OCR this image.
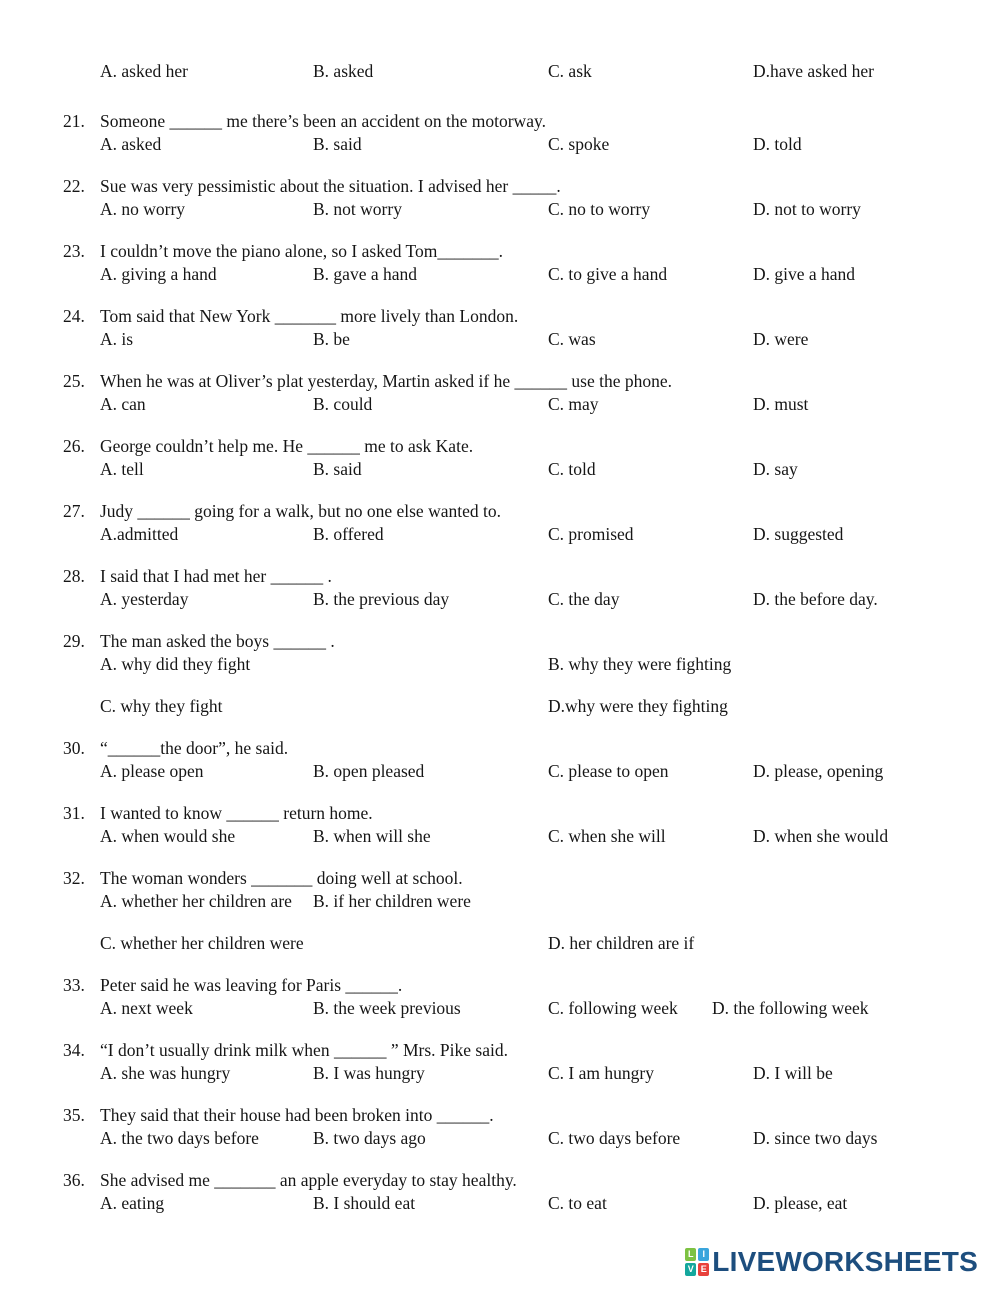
A. asked her	B. asked	C. ask	D.have asked her
21. Someone ______ me there’s been an accident on the motorway.
A. asked	B. said	C. spoke	D. told
22. Sue was very pessimistic about the situation. I advised her _____.
A. no worry	B. not worry	C. no to worry	D. not to worry
23. I couldn’t move the piano alone, so I asked Tom_______.
A. giving a hand	B. gave a hand	C. to give a hand	D. give a hand
24. Tom said that New York _______ more lively than London.
A. is	B. be	C. was	D. were
25. When he was at Oliver’s plat yesterday, Martin asked if he ______ use the phone.
A. can	B. could	C. may	D. must
26. George couldn’t help me. He ______ me to ask Kate.
A. tell	B. said	C. told	D. say
27. Judy ______ going for a walk, but no one else wanted to.
A.admitted	B. offered	C. promised	D. suggested
28. I said that I had met her ______ .
A. yesterday	B. the previous day	C. the day	D. the before day.
29. The man asked the boys ______ .
A. why did they fight	B. why they were fighting
C. why they fight	D.why were they fighting
30. “______the door”, he said.
A. please open	B. open pleased	C. please to open	D. please, opening
31. I wanted to know ______ return home.
A. when would she	B. when will she	C. when she will	D. when she would
32. The woman wonders _______ doing well at school.
A. whether her children are B. if her children were
C. whether her children were	D. her children are if
33. Peter said he was leaving for Paris ______.
A. next week	B. the week previous	C. following week D. the following week
34. “I don’t usually drink milk when ______ ” Mrs. Pike said.
A. she was hungry	B. I was hungry	C. I am hungry	D. I will be
35. They said that their house had been broken into ______.
A. the two days before	B. two days ago	C. two days before	D. since two days
36. She advised me _______ an apple everyday to stay healthy.
A. eating	B. I should eat	C. to eat	D. please, eat
L I
V E LIVEWORKSHEETS
